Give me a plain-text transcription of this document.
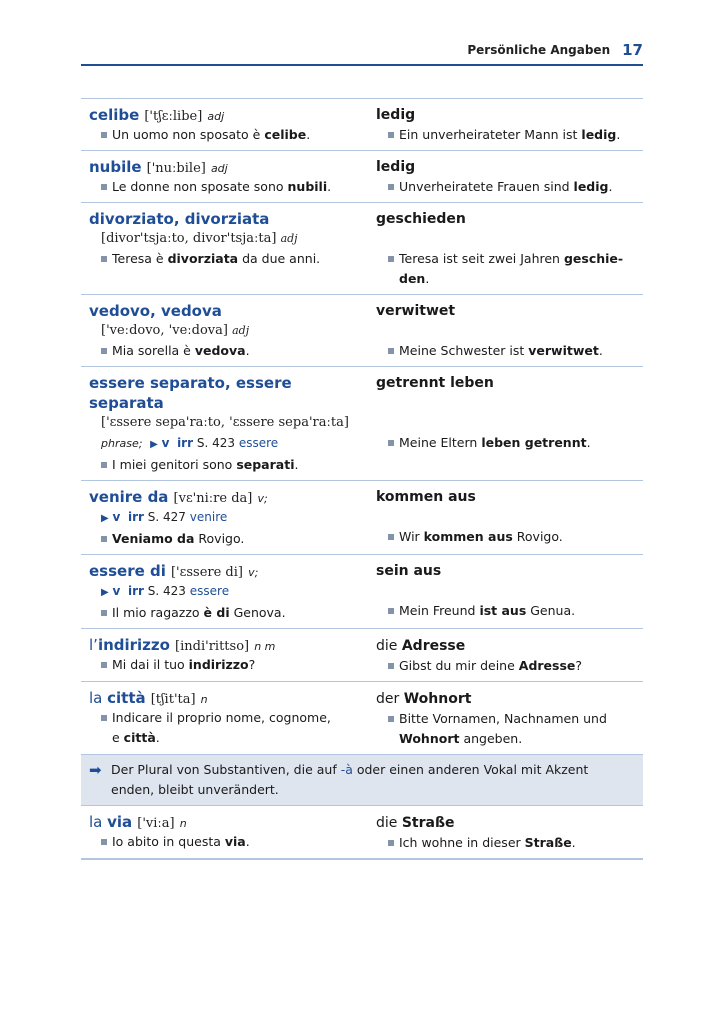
Persönliche Angaben 17
celibe ['tʃɛːlibe] adj
Un uomo non sposato è celibe.
ledig
Ein unverheirateter Mann ist ledig.
nubile ['nuːbile] adj
Le donne non sposate sono nubili.
ledig
Unverheiratete Frauen sind ledig.
divorziato, divorziata
[divor'tsjaːto, divor'tsjaːta] adj
Teresa è divorziata da due anni.
geschieden
Teresa ist seit zwei Jahren geschie-
den.
vedovo, vedova
['veːdovo, 'veːdova] adj
Mia sorella è vedova.
verwitwet
Meine Schwester ist verwitwet.
essere separato, essere separata
['ɛssere sepa'raːto, 'ɛssere sepa'raːta]
phrase; ▶ v irr S. 423 essere
I miei genitori sono separati.
getrennt leben
Meine Eltern leben getrennt.
venire da [vɛ'niːre da] v;
▶ v irr S. 427 venire
Veniamo da Rovigo.
kommen aus
Wir kommen aus Rovigo.
essere di ['ɛssere di] v;
▶ v irr S. 423 essere
Il mio ragazzo è di Genova.
sein aus
Mein Freund ist aus Genua.
l’indirizzo [indi'rittso] n m
Mi dai il tuo indirizzo?
die Adresse
Gibst du mir deine Adresse?
la città [tʃit'ta] n
Indicare il proprio nome, cognome,
e città.
der Wohnort
Bitte Vornamen, Nachnamen und
Wohnort angeben.
➡ Der Plural von Substantiven, die auf -à oder einen anderen Vokal mit Akzent
enden, bleibt unverändert.
la via ['viːa] n
Io abito in questa via.
die Straße
Ich wohne in dieser Straße.
